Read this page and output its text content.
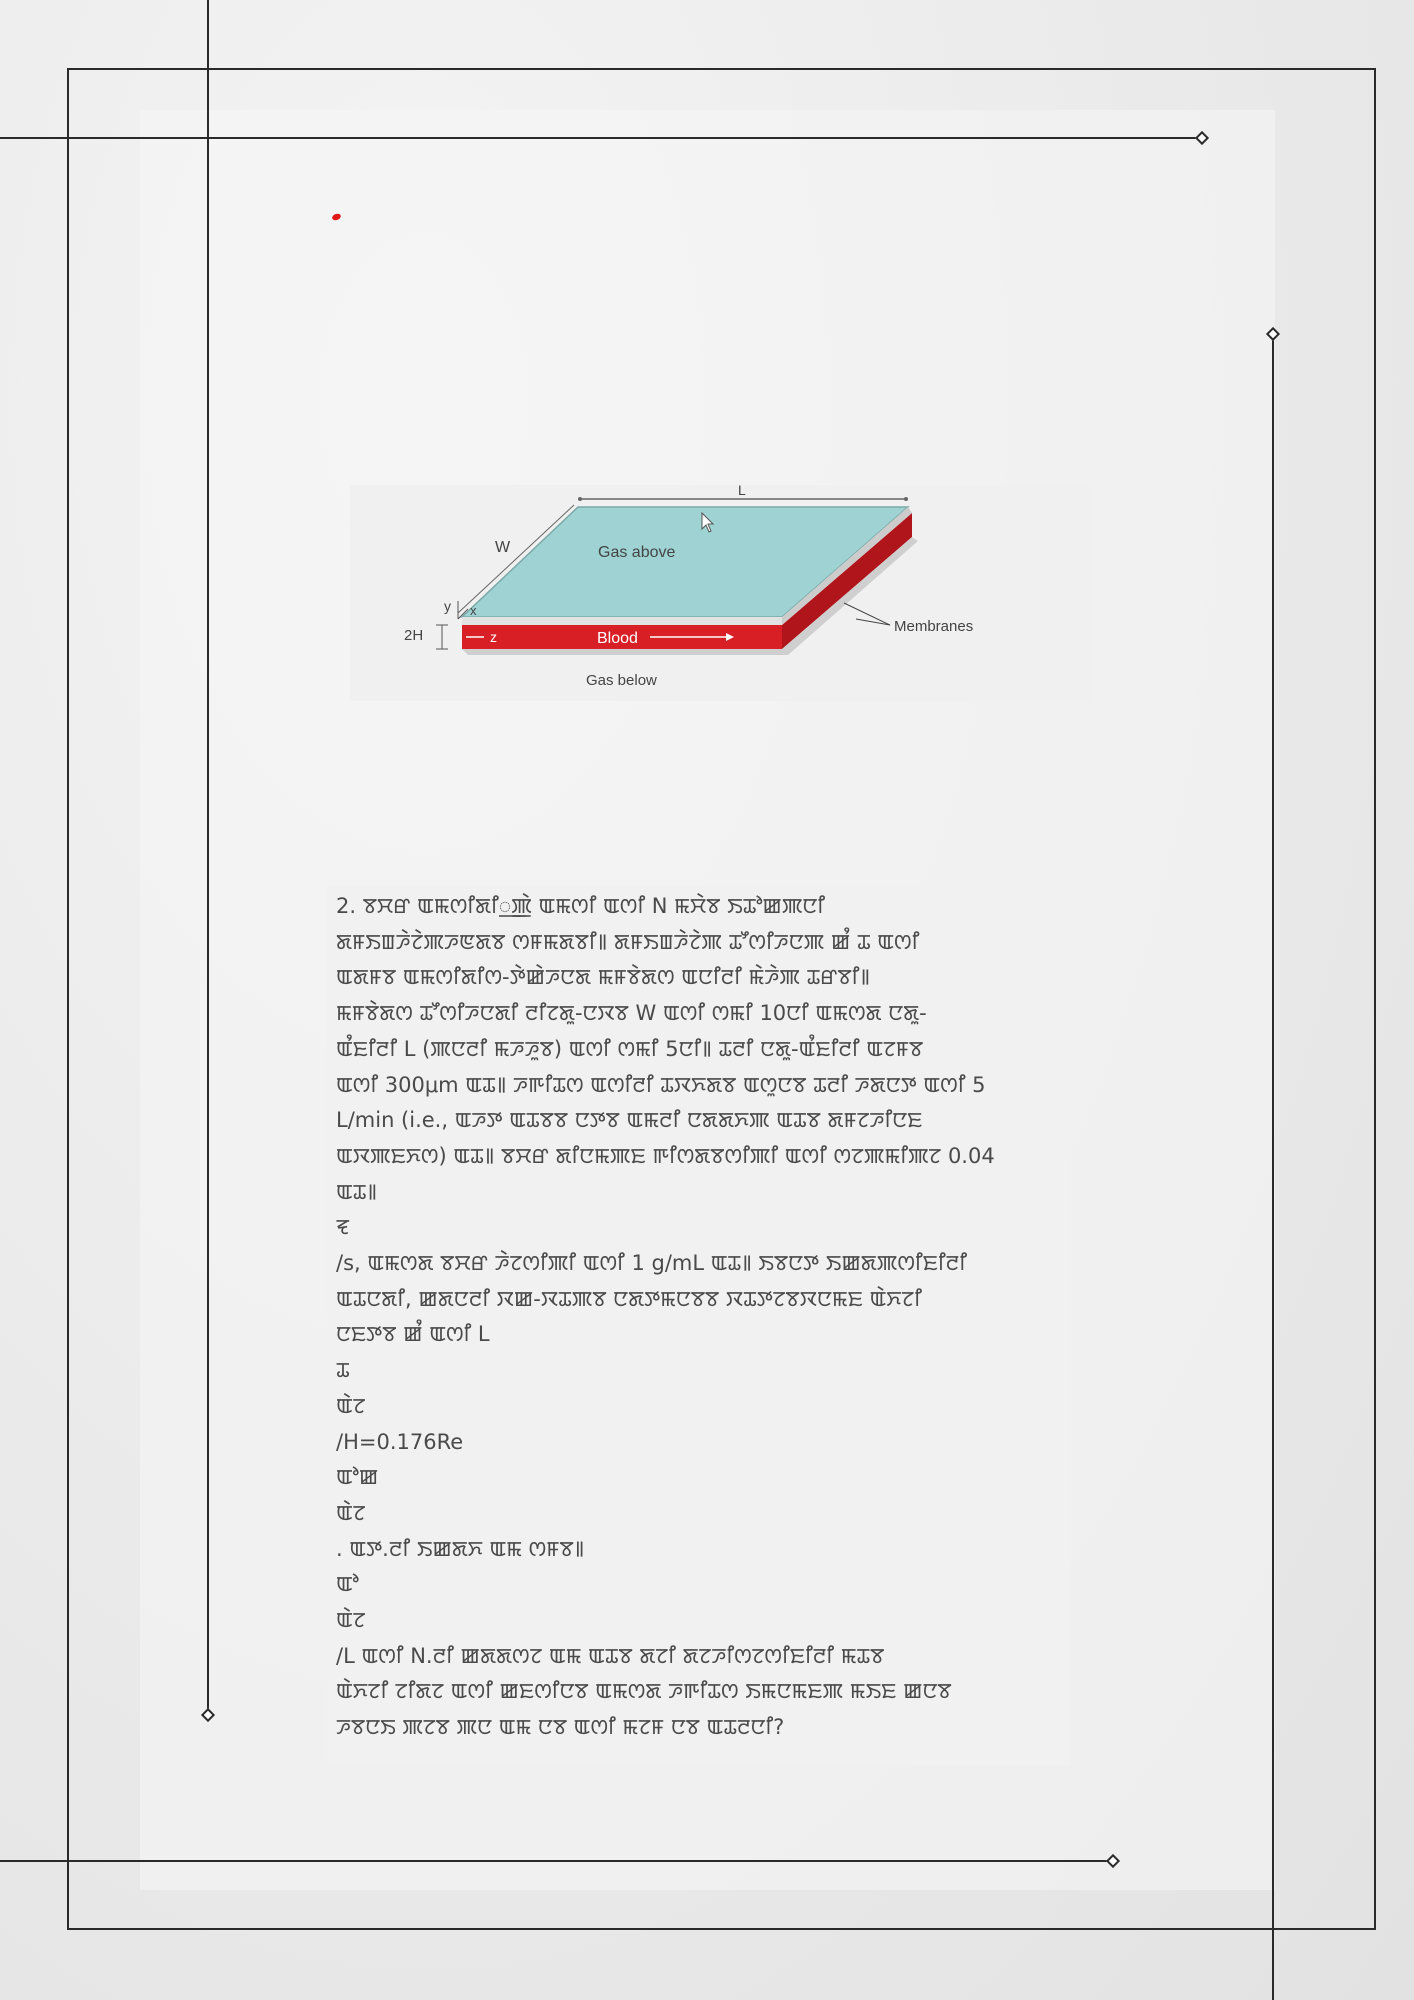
L
W	Gas above
y x
2H	z	Blood
Membranes
Gas below
2. ꯕꯆꯔ ꯑꯃꯁꯤꯗꯤ꯭ꯄꯥ ꯑꯃꯁꯤ ꯑꯁꯤ N ꯃꯆꯥꯕ ꯏꯊꯣꯀꯄꯅꯤ
ꯗꯝꯏꯡꯍꯥꯖꯥꯄꯍꯟꯗꯕ ꯁꯝꯃꯗꯕꯤ꯫ ꯗꯝꯏꯡꯍꯥꯖꯥꯄ ꯊꯧꯁꯤꯍꯅꯄ ꯀꯪ ꯊ ꯑꯁꯤ
ꯑꯗꯝꯕ ꯑꯃꯁꯤꯗꯤꯁ-ꯇꯥꯀꯥꯍꯅꯗ ꯃꯝꯕꯥꯗꯁ ꯑꯅꯤꯂꯤ ꯃꯥꯍꯥꯄ ꯊꯔꯕꯤ꯫
ꯃꯝꯕꯥꯗꯁ ꯊꯧꯁꯤꯍꯅꯗꯤ ꯂꯤꯖꯗꯨ-ꯅꯋꯕ W ꯑꯁꯤ ꯁꯃꯤ 10ꯅꯤ ꯑꯃꯁꯗ ꯅꯗꯨ-
ꯑꯪꯐꯤꯂꯤ L (ꯄꯅꯂꯤ ꯃꯍꯍꯨꯕ) ꯑꯁꯤ ꯁꯃꯤ 5ꯅꯤ꯫ ꯊꯂꯤ ꯅꯗꯨ-ꯑꯪꯐꯤꯂꯤ ꯑꯖꯝꯕ
ꯑꯁꯤ 300μm ꯑꯊ꯫ ꯍꯒꯤꯊꯁ ꯑꯁꯤꯂꯤ ꯊꯋꯈꯗꯕ ꯑꯁꯨꯅꯕ ꯊꯂꯤ ꯍꯗꯅꯇ ꯑꯁꯤ 5
L/min (i.e., ꯑꯍꯇ ꯑꯊꯕꯕ ꯅꯇꯕ ꯑꯃꯂꯤ ꯅꯗꯗꯈꯄ ꯑꯊꯕ ꯗꯝꯖꯍꯤꯅꯐ
ꯑꯋꯄꯐꯈꯁ) ꯑꯊ꯫ ꯕꯆꯔ ꯗꯤꯅꯃꯄꯐ ꯒꯤꯁꯗꯕꯁꯤꯄꯤ ꯑꯁꯤ ꯁꯖꯄꯃꯤꯄꯖ 0.04
ꯑꯊ꯫
ꯓ
/s, ꯑꯃꯁꯗ ꯕꯆꯔ ꯍꯥꯖꯁꯤꯄꯤ ꯑꯁꯤ 1 g/mL ꯑꯊ꯫ ꯏꯕꯅꯇ ꯏꯀꯗꯄꯁꯤꯐꯤꯂꯤ
ꯑꯊꯅꯗꯤ, ꯀꯗꯅꯂꯤ ꯋꯀ-ꯋꯊꯄꯕ ꯅꯗꯇꯃꯅꯕꯕ ꯋꯊꯇꯖꯕꯋꯅꯃꯐ ꯑꯥꯈꯖꯤ
ꯅꯐꯇꯕ ꯀꯪ ꯑꯁꯤ L
ꯊ
ꯑꯥꯖ
/H=0.176Re
ꯑꯣꯀ
ꯑꯥꯖ
. ꯑꯇ.ꯂꯤ ꯏꯀꯗꯈ ꯑꯃ ꯁꯝꯕ꯫
ꯑꯣ
ꯑꯥꯖ
/L ꯑꯁꯤ N.ꯂꯤ ꯀꯗꯗꯁꯖ ꯑꯃ ꯑꯊꯕ ꯗꯖꯤ ꯗꯖꯍꯤꯁꯖꯁꯤꯐꯤꯂꯤ ꯃꯊꯕ
ꯑꯥꯈꯖꯤ ꯖꯤꯗꯖ ꯑꯁꯤ ꯀꯐꯁꯤꯅꯕ ꯑꯃꯁꯗ ꯍꯒꯤꯊꯁ ꯏꯃꯅꯃꯐꯄ ꯃꯏꯐ ꯀꯅꯕ
ꯍꯕꯅꯏ ꯄꯖꯕ ꯄꯅ ꯑꯃ ꯅꯕ ꯑꯁꯤ ꯃꯖꯝ ꯅꯕ ꯑꯊꯂꯅꯤ?
